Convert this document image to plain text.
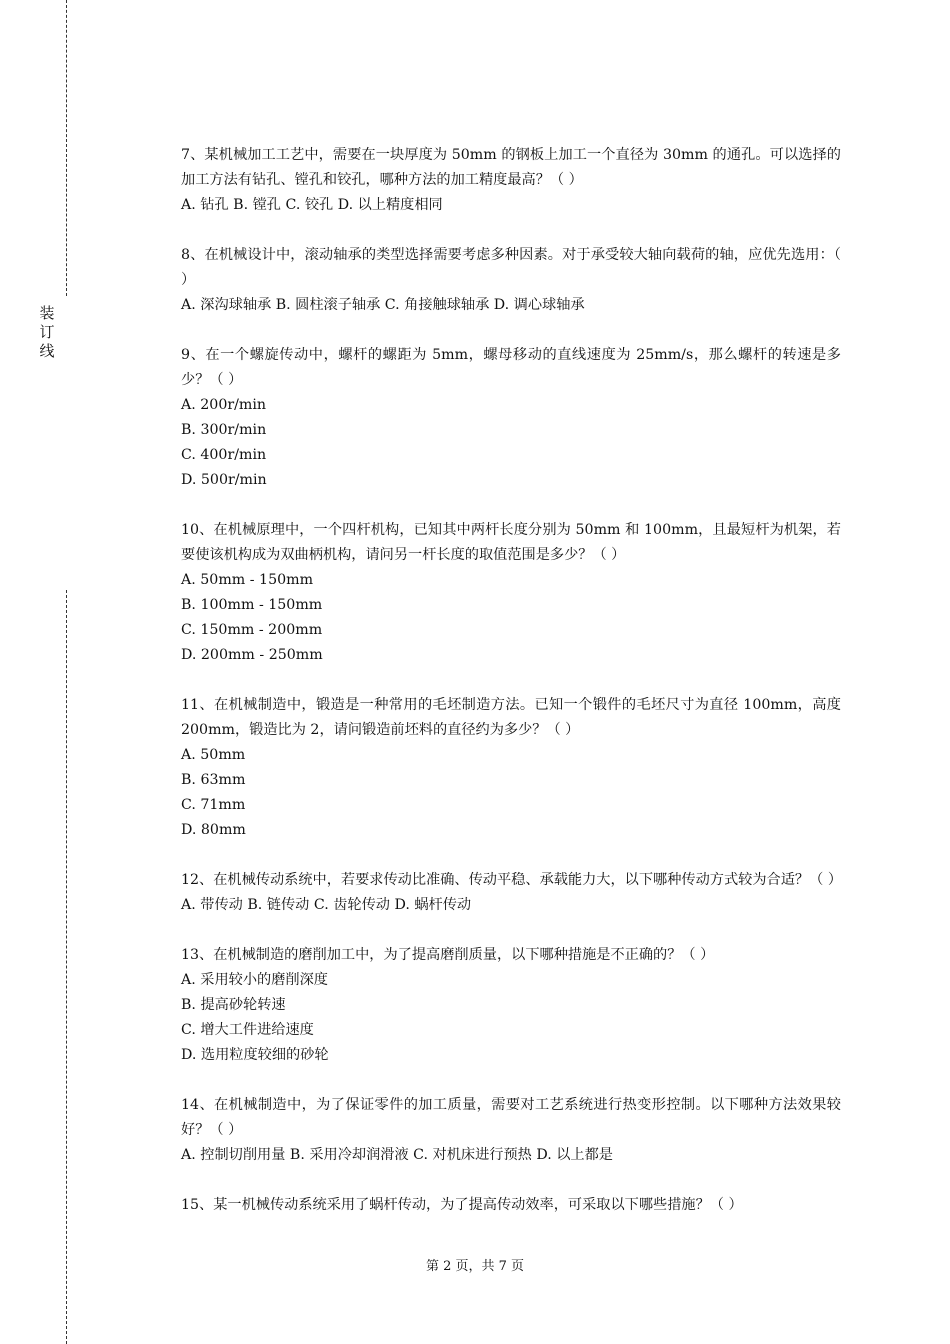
装
订
线
7、某机械加工工艺中，需要在一块厚度为 50mm 的钢板上加工一个直径为 30mm 的通孔。可以选择的加工方法有钻孔、镗孔和铰孔，哪种方法的加工精度最高？（ ）
A. 钻孔 B. 镗孔 C. 铰孔 D. 以上精度相同
8、在机械设计中，滚动轴承的类型选择需要考虑多种因素。对于承受较大轴向载荷的轴，应优先选用：（ ）
A. 深沟球轴承 B. 圆柱滚子轴承 C. 角接触球轴承 D. 调心球轴承
9、在一个螺旋传动中，螺杆的螺距为 5mm，螺母移动的直线速度为 25mm/s，那么螺杆的转速是多少？（ ）
A. 200r/min
B. 300r/min
C. 400r/min
D. 500r/min
10、在机械原理中，一个四杆机构，已知其中两杆长度分别为 50mm 和 100mm，且最短杆为机架，若要使该机构成为双曲柄机构，请问另一杆长度的取值范围是多少？（ ）
A. 50mm - 150mm
B. 100mm - 150mm
C. 150mm - 200mm
D. 200mm - 250mm
11、在机械制造中，锻造是一种常用的毛坯制造方法。已知一个锻件的毛坯尺寸为直径 100mm，高度 200mm，锻造比为 2，请问锻造前坯料的直径约为多少？（ ）
A. 50mm
B. 63mm
C. 71mm
D. 80mm
12、在机械传动系统中，若要求传动比准确、传动平稳、承载能力大，以下哪种传动方式较为合适？（ ）
A. 带传动 B. 链传动 C. 齿轮传动 D. 蜗杆传动
13、在机械制造的磨削加工中，为了提高磨削质量，以下哪种措施是不正确的？（ ）
A. 采用较小的磨削深度
B. 提高砂轮转速
C. 增大工件进给速度
D. 选用粒度较细的砂轮
14、在机械制造中，为了保证零件的加工质量，需要对工艺系统进行热变形控制。以下哪种方法效果较好？（ ）
A. 控制切削用量 B. 采用冷却润滑液 C. 对机床进行预热 D. 以上都是
15、某一机械传动系统采用了蜗杆传动，为了提高传动效率，可采取以下哪些措施？（ ）
第 2 页，共 7 页
